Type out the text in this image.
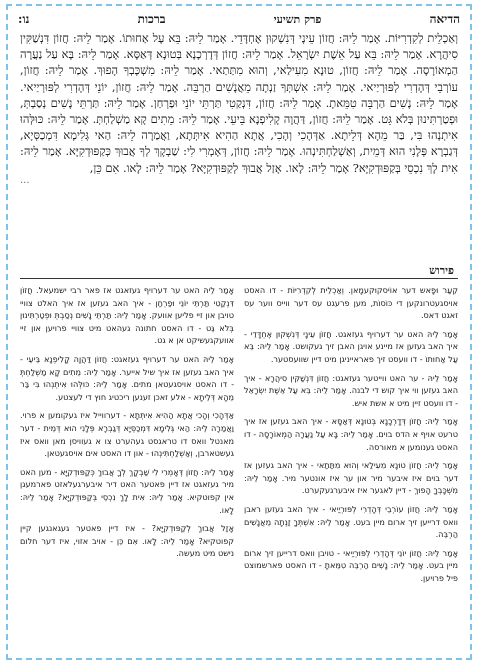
הדיאה
פרק תשיעי
ברכות
נו:
וְאַכְלֵית לְקִדְרִיּוֹת. אָמַר לֵיהּ: חֲזוֹן עֵינָי דְּנִשְׁקוּן אֶחְדָּדֵי. אָמַר לֵיהּ: בֵּא עָל אַחוּתוֹ. אָמַר לֵיהּ: חֲזוֹן דִּנְשַׁקִּין סִיהֲרָא. אָמַר לֵיהּ: בֵּא עַל אֵשֶׁת יִשְׂרָאֵל. אָמַר לֵיהּ: חֲזוֹן דְּדָרְכָנָא בְּטוּנָא דְּאַסָּא. אָמַר לֵיהּ: בָּא עַל נַעֲרָה הַמְאוֹרָסָה. אָמַר לֵיהּ: חֲזוֹן, טוּנָא מִעִילַאי, וְהוּא מִתַּתַאי. אָמַר לֵיהּ: מִשְׁכָּבְךָ הָפוּךְ. אָמַר לֵיהּ: חֲזוֹן, עוֹרְבֵי דְּהָדְרִי לְפּוּרְיַיאי. אָמַר לֵיהּ: אִשְׁתְּךָ זַנְתָה מֵאֲנָשִׁים הַרְבֵּה. אָמַר לֵיהּ: חֲזוֹן, יוֹנֵי דְּהָדְרִי לְפּוּרְיַיאי. אָמַר לֵיהּ: נָשִׁים הַרְבֵּה טִמֵּאתָ. אָמַר לֵיהּ: חֲזוֹן, דִּנְקַטִי תַּרְתֵּי יוֹנֵי וּפַרְחַן. אָמַר לֵיהּ: תַּרְתֵּי נָשִׁים נְסַבְתְּ, וּפְטַרְתִּינוּן בְּלֹא גֵּט. אָמַר לֵיהּ: חֲזוֹן, דַּהֲוָה קָלִיפְנָא בֵּיעֵי. אָמַר לֵיהּ: מֵתִים קָא מַשְׁלַחְתְּ. אָמַר לֵיהּ: כּוּלְּהוּ אִיתְנְהוּ בִּי, בַּר מֵהָא דְּלֵיתָא. אַדְּהָכִי וְהָכִי, אֲתָא הַהִיא אִיתְּתָא, וַאֲמַרָה לֵיהּ: הַאי גְּלִימָא דִּמְכַסְּיָא, דְּגַבְרָא פְּלָנִי הוּא דְּמֵית, וְאַשְׁלַחְתִּינְהוּ. אָמַר לֵיהּ: חֲזוֹן, דְּאָמְרִי לִי: שַׁבְקָךְ לְךָ אֲבוּךְ כְּקַפּוּדְקִיָּא. אָמַר לֵיהּ: אִית לָךְ נִכְסֵי בְּקַפּוּדְקִיָּא? אָמַר לֵיהּ: לָאו. אָזַל אֲבוּךְ לְקַפּוּדְקִיָּא? אָמַר לֵיהּ: לָאו. אִם כֵּן,
...
פירוש

קֵעַר וּפָאש דער אוֹיסקוּקעמָאן. וְאַכְלֵית לְקִדְרִיּוֹת - דו האסט אויסגעטרונקען די כּוֹסוֹת, מען פרעגט עס דער ווייס ווער עס זאגט דאס.

אָמַר לֵיהּ האט ער דערויף געזאגט. חֲזוֹן עֵינָי דְּנִשְׁקוּן אֶחְדָּדֵי - איך האב געזען אז מיינע אויגן האבן זיך געקושט. אָמַר לֵיהּ: בֵּא עַל אַחוּתוֹ - דו וועסט זיך פאראייניגן מיט דיין שוועסטער.

אָמַר לֵיהּ - ער האט ווייטער געזאגט: חֲזוֹן דִּנְשַׁקִּין סִיהֲרָא - איך האב געזען ווי איך קוש די לבנה. אָמַר לֵיהּ: בֵּא עַל אֵשֶׁת יִשְׂרָאֵל - דו וועסט זיין מיט א אשת איש.

אָמַר לֵיהּ: חֲזוֹן דְּדָרְכָנָא בְּטוּנָא דְּאַסָּא - איך האב געזען אז איך טרעט אויף א הדס בוים. אָמַר לֵיהּ: בָּא עַל נַעֲרָה הַמְאוֹרָסָה - דו האסט גענומען א מאורסה.

אָמַר לֵיהּ: חֲזוֹן טוּנָא מִעִילַאי וְהוּא מִתַּתַאי - איך האב געזען אז דער בוים איז איבער מיר און ער איז אונטער מיר. אָמַר לֵיהּ: מִשְׁכָּבְךָ הָפוּךְ - דיין לאגער איז איבערגעקערט.

אָמַר לֵיהּ: חֲזוֹן עוֹרְבֵי דְּהָדְרִי לְפּוּרְיַיאי - איך האב געזען ראבן וואס דרייען זיך ארום מיין בעט. אָמַר לֵיהּ: אִשְׁתְּךָ זַנְתָה מֵאֲנָשִׁים הַרְבֵּה.

אָמַר לֵיהּ: חֲזוֹן יוֹנֵי דְּהָדְרִי לְפּוּרְיַיאי - טויבן וואס דרייען זיך ארום מיין בעט. אָמַר לֵיהּ: נָשִׁים הַרְבֵּה טִמֵּאתָ - דו האסט פארשמוצט פיל פרויען.

אָמַר לֵיהּ האט ער דערויף געזאגט אז פאר רבי ישמעאל. חֲזוֹן דִּנְקַטִי תַּרְתֵּי יוֹנֵי וּפַרְחַן - איך האב געזען אז איך האלט צוויי טויבן און זיי פליען אוועק. אָמַר לֵיהּ: תַּרְתֵּי נָשִׁים נְסַבְתְּ וּפְטַרְתִּינוּן בְּלֹא גֵּט - דו האסט חתונה געהאט מיט צוויי פרויען און זיי אוועקגעשיקט אן א גט.

אָמַר לֵיהּ האט ער דערויף געזאגט: חֲזוֹן דַּהֲוָה קָלִיפְנָא בֵּיעֵי - איך האב געזען אז איך שיל אייער. אָמַר לֵיהּ: מֵתִים קָא מַשְׁלַחְתְּ - דו האסט אויסגעטאן מתים. אָמַר לֵיהּ: כּוּלְּהוּ אִיתְנְהוּ בִּי בַּר מֵהָא דְּלֵיתָא - אלע זאכן זענען ריכטיג חוץ די לעצטע.

אַדְּהָכִי וְהָכִי אֲתָא הַהִיא אִיתְּתָא - דערווייל איז געקומען א פרוי. וַאֲמַרָה לֵיהּ: הַאי גְּלִימָא דִּמְכַסְּיָא דְּגַבְרָא פְּלָנִי הוּא דְּמֵית - דער מאנטל וואס דו טראגסט געהערט צו א געוויסן מאן וואס איז געשטארבן, וְאַשְׁלַחְתִּינְהוּ - און דו האסט אים אויסגעטאן.

אָמַר לֵיהּ: חֲזוֹן דְּאָמְרִי לִי שַׁבְקָךְ לְךָ אֲבוּךְ כְּקַפּוּדְקִיָּא - מען האט מיר געזאגט אז דיין פאטער האט דיר איבערגעלאזט פארמעגן אין קפוטקיא. אָמַר לֵיהּ: אִית לָךְ נִכְסֵי בְּקַפּוּדְקִיָּא? אָמַר לֵיהּ: לָאו.

אָזַל אֲבוּךְ לְקַפּוּדְקִיָּא? - איז דיין פאטער געגאנגען קיין קפוטקיא? אָמַר לֵיהּ: לָאו. אִם כֵּן - אויב אזוי, איז דער חלום נישט מיט מעשה.
